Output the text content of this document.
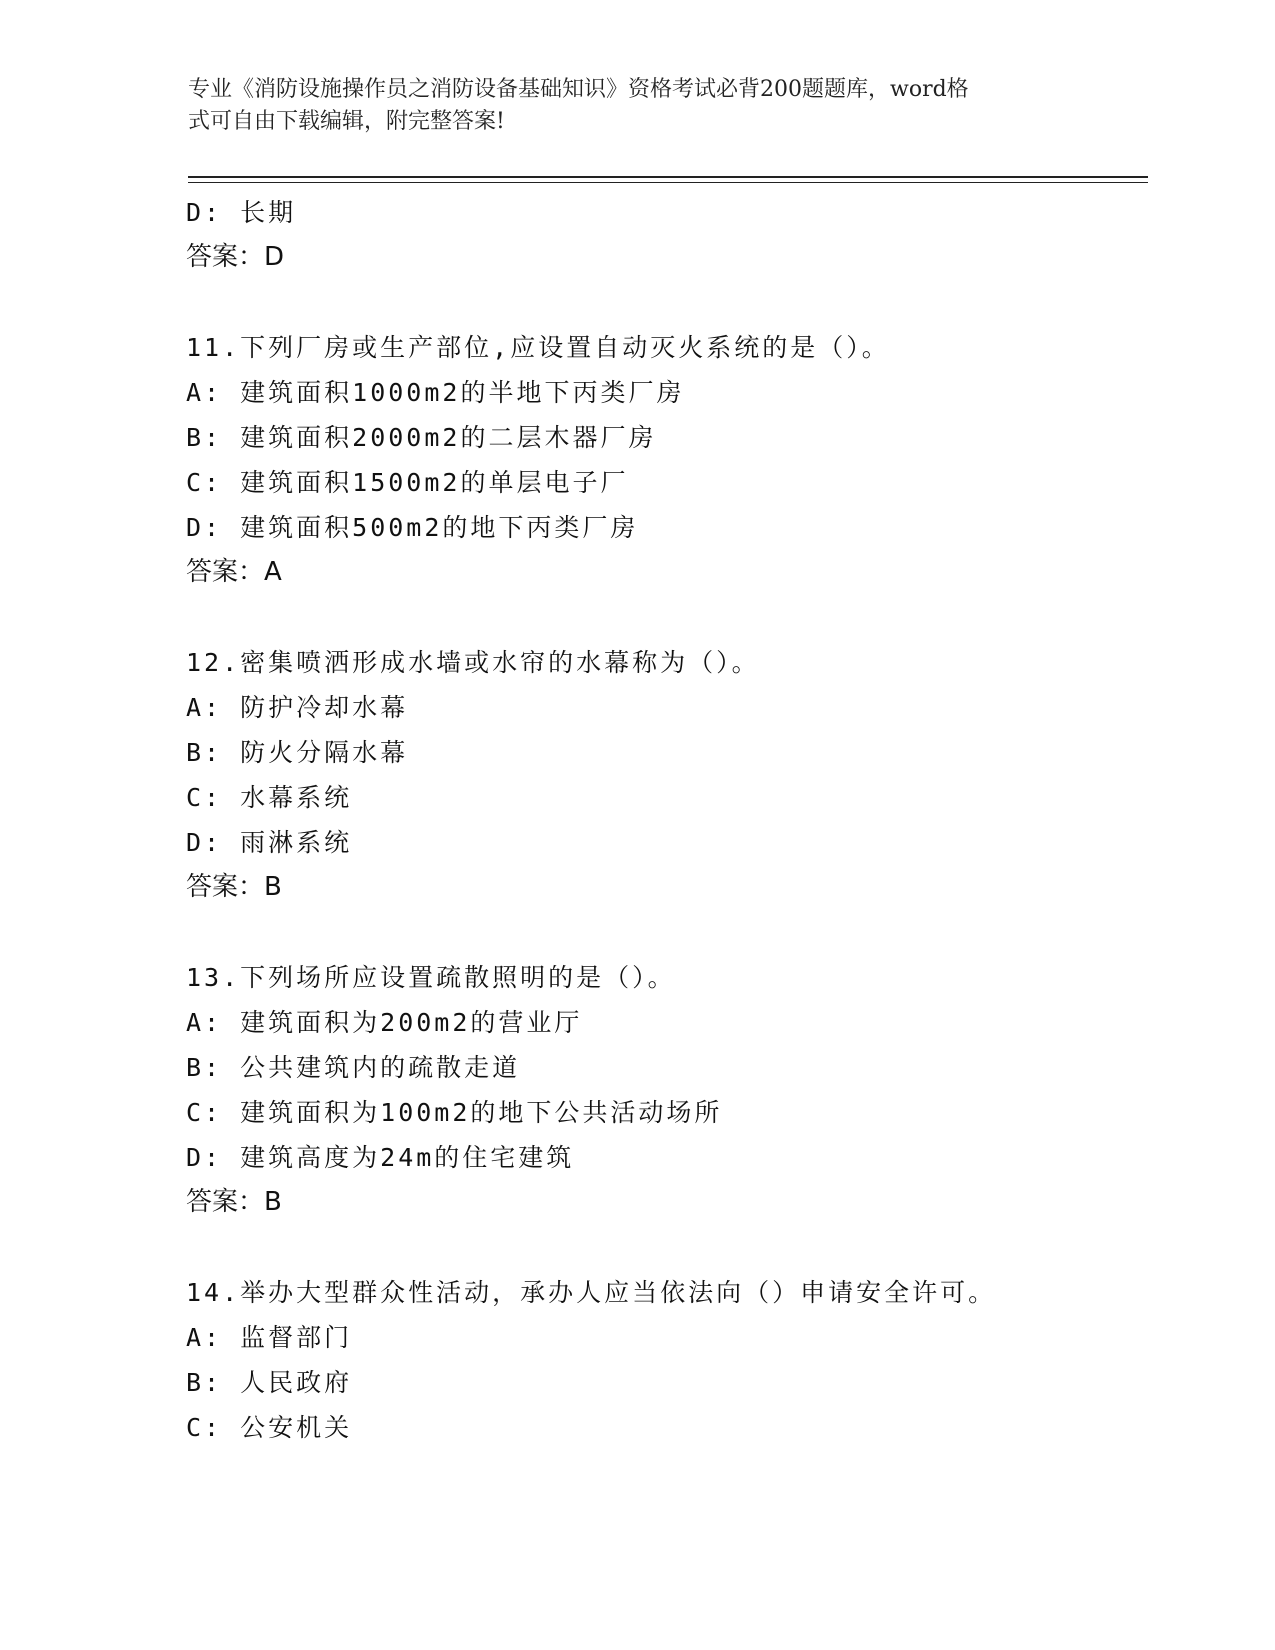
专业《消防设施操作员之消防设备基础知识》资格考试必背200题题库，word格
式可自由下载编辑，附完整答案!
D: 长期
答案：D
11.下列厂房或生产部位,应设置自动灭火系统的是（）。
A: 建筑面积1000m2的半地下丙类厂房
B: 建筑面积2000m2的二层木器厂房
C: 建筑面积1500m2的单层电子厂
D: 建筑面积500m2的地下丙类厂房
答案：A
12.密集喷洒形成水墙或水帘的水幕称为（）。
A: 防护冷却水幕
B: 防火分隔水幕
C: 水幕系统
D: 雨淋系统
答案：B
13.下列场所应设置疏散照明的是（）。
A: 建筑面积为200m2的营业厅
B: 公共建筑内的疏散走道
C: 建筑面积为100m2的地下公共活动场所
D: 建筑高度为24m的住宅建筑
答案：B
14.举办大型群众性活动，承办人应当依法向（）申请安全许可。
A: 监督部门
B: 人民政府
C: 公安机关
